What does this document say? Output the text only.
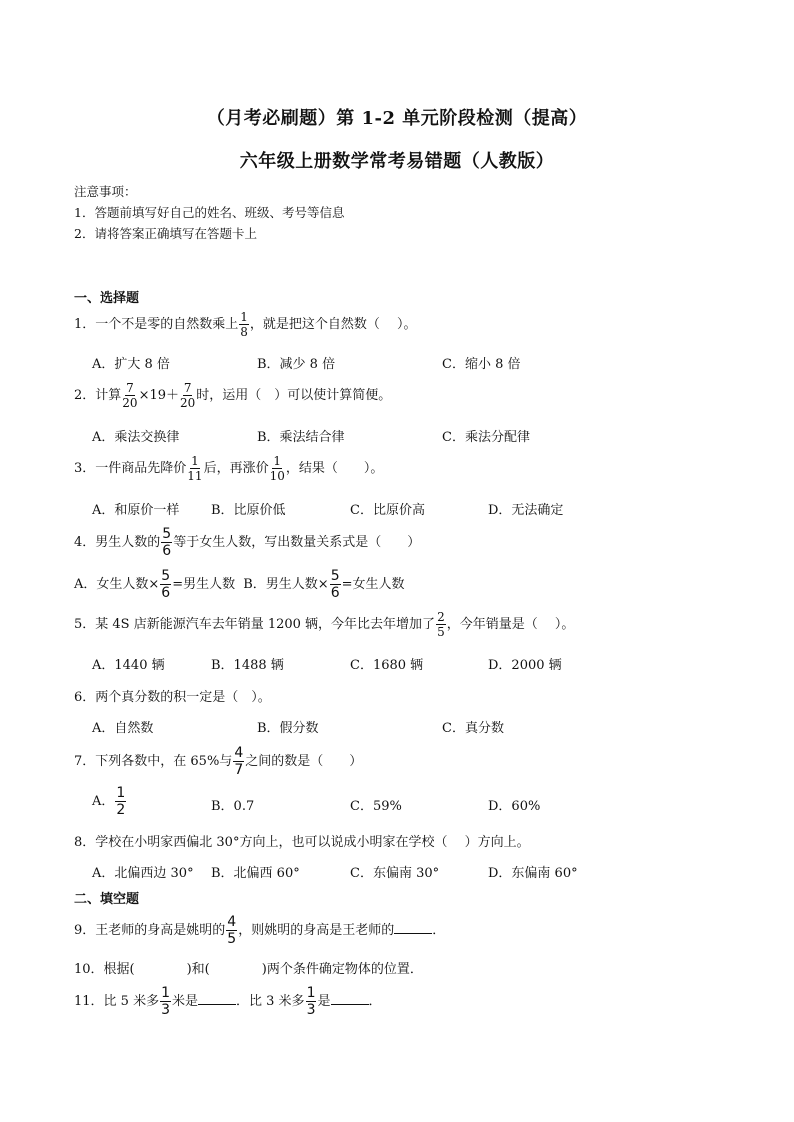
（月考必刷题）第 1-2 单元阶段检测（提高）
六年级上册数学常考易错题（人教版）
注意事项：
1．答题前填写好自己的姓名、班级、考号等信息
2．请将答案正确填写在答题卡上
一、选择题
1．一个不是零的自然数乘上 $\frac{1}{8}$ ，就是把这个自然数（　 ）。
A．扩大 8 倍	B．减少 8 倍	C．缩小 8 倍
2．计算 $\frac{7}{20} \times 19+ \frac{7}{20}$ 时，运用（　）可以使计算简便。
A．乘法交换律	B．乘法结合律	C．乘法分配律
3．一件商品先降价 $\frac{1}{11}$ 后，再涨价 $\frac{1}{10}$ ，结果（　　）。
A．和原价一样 B．比原价低	C．比原价高	D．无法确定
4．男生人数的 $\frac{5}{6}$ 等于女生人数，写出数量关系式是（　　）
A．女生人数× $\frac{5}{6}$ =男生人数 B．男生人数× $\frac{5}{6}$ =女生人数
5．某 4S 店新能源汽车去年销量 1200 辆，今年比去年增加了 $\frac{2}{5}$ ，今年销量是（　 ）。
A．1440 辆	B．1488 辆	C．1680 辆	D．2000 辆
6．两个真分数的积一定是（　）。
A．自然数	B．假分数	C．真分数
7．下列各数中，在 65%与 $\frac{4}{7}$ 之间的数是（　　）
A． $\frac{1}{2}$	B．0.7	C．59%	D．60%
8．学校在小明家西偏北 30°方向上，也可以说成小明家在学校（　 ）方向上。
A．北偏西边 30° B．北偏西 60°	C．东偏南 30°	D．东偏南 60°
二、填空题
9．王老师的身高是姚明的 $\frac{4}{5}$ ，则姚明的身高是王老师的	．
10．根据(　　　　)和(　　　　)两个条件确定物体的位置．
11．比 5 米多 $\frac{1}{3}$ 米是	．比 3 米多 $\frac{1}{3}$ 是	．
